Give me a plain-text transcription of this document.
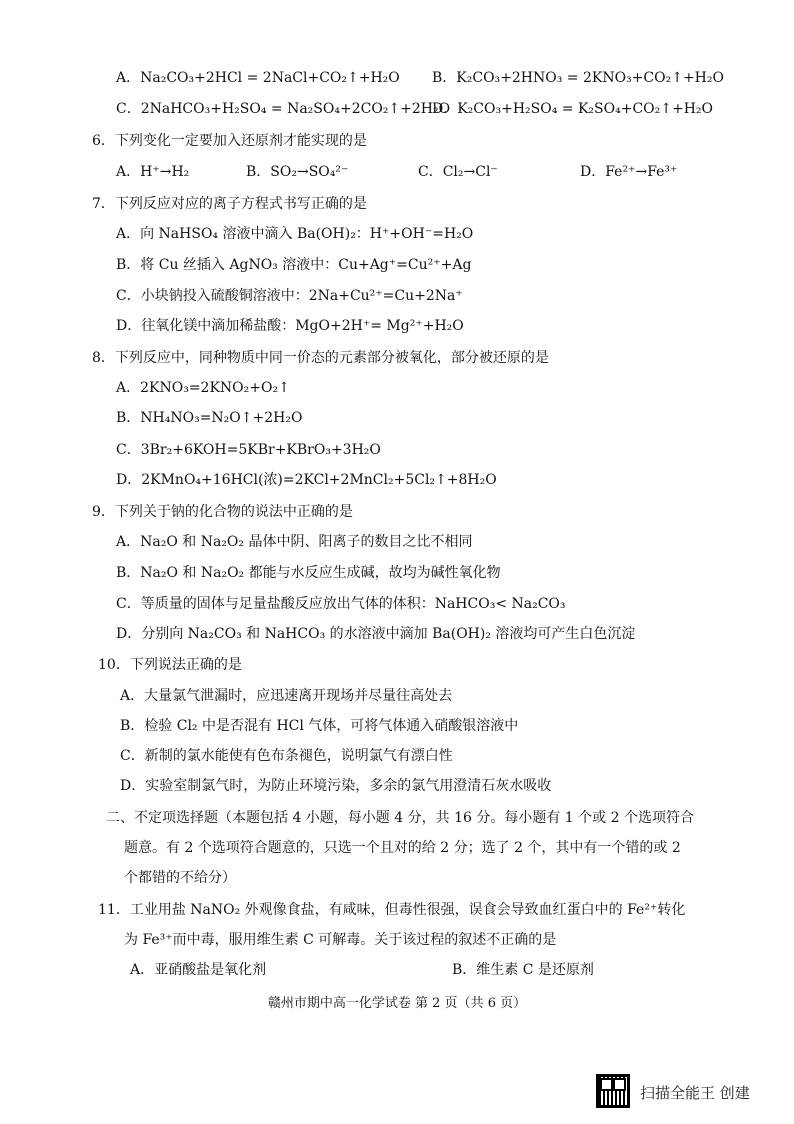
A．Na₂CO₃+2HCl = 2NaCl+CO₂↑+H₂O B．K₂CO₃+2HNO₃ = 2KNO₃+CO₂↑+H₂O
C．2NaHCO₃+H₂SO₄ = Na₂SO₄+2CO₂↑+2H₂O
D．K₂CO₃+H₂SO₄ = K₂SO₄+CO₂↑+H₂O
6．下列变化一定要加入还原剂才能实现的是
A．H⁺→H₂	B．SO₂→SO₄²⁻	C．Cl₂→Cl⁻	D．Fe²⁺→Fe³⁺
7．下列反应对应的离子方程式书写正确的是
A．向 NaHSO₄ 溶液中滴入 Ba(OH)₂：H⁺+OH⁻=H₂O
B．将 Cu 丝插入 AgNO₃ 溶液中：Cu+Ag⁺=Cu²⁺+Ag
C．小块钠投入硫酸铜溶液中：2Na+Cu²⁺=Cu+2Na⁺
D．往氧化镁中滴加稀盐酸：MgO+2H⁺= Mg²⁺+H₂O
8．下列反应中，同种物质中同一价态的元素部分被氧化，部分被还原的是
A．2KNO₃=2KNO₂+O₂↑
B．NH₄NO₃=N₂O↑+2H₂O
C．3Br₂+6KOH=5KBr+KBrO₃+3H₂O
D．2KMnO₄+16HCl(浓)=2KCl+2MnCl₂+5Cl₂↑+8H₂O
9．下列关于钠的化合物的说法中正确的是
A．Na₂O 和 Na₂O₂ 晶体中阴、阳离子的数目之比不相同
B．Na₂O 和 Na₂O₂ 都能与水反应生成碱，故均为碱性氧化物
C．等质量的固体与足量盐酸反应放出气体的体积：NaHCO₃< Na₂CO₃
D．分别向 Na₂CO₃ 和 NaHCO₃ 的水溶液中滴加 Ba(OH)₂ 溶液均可产生白色沉淀
10．下列说法正确的是
A．大量氯气泄漏时，应迅速离开现场并尽量往高处去
B．检验 Cl₂ 中是否混有 HCl 气体，可将气体通入硝酸银溶液中
C．新制的氯水能使有色布条褪色，说明氯气有漂白性
D．实验室制氯气时，为防止环境污染，多余的氯气用澄清石灰水吸收
二、不定项选择题（本题包括 4 小题，每小题 4 分，共 16 分。每小题有 1 个或 2 个选项符合
题意。有 2 个选项符合题意的，只选一个且对的给 2 分；选了 2 个，其中有一个错的或 2
个都错的不给分）
11．工业用盐 NaNO₂ 外观像食盐，有咸味，但毒性很强，误食会导致血红蛋白中的 Fe²⁺转化
为 Fe³⁺而中毒，服用维生素 C 可解毒。关于该过程的叙述不正确的是
A．亚硝酸盐是氧化剂	B．维生素 C 是还原剂
赣州市期中高一化学试卷 第 2 页（共 6 页）
扫描全能王 创建
